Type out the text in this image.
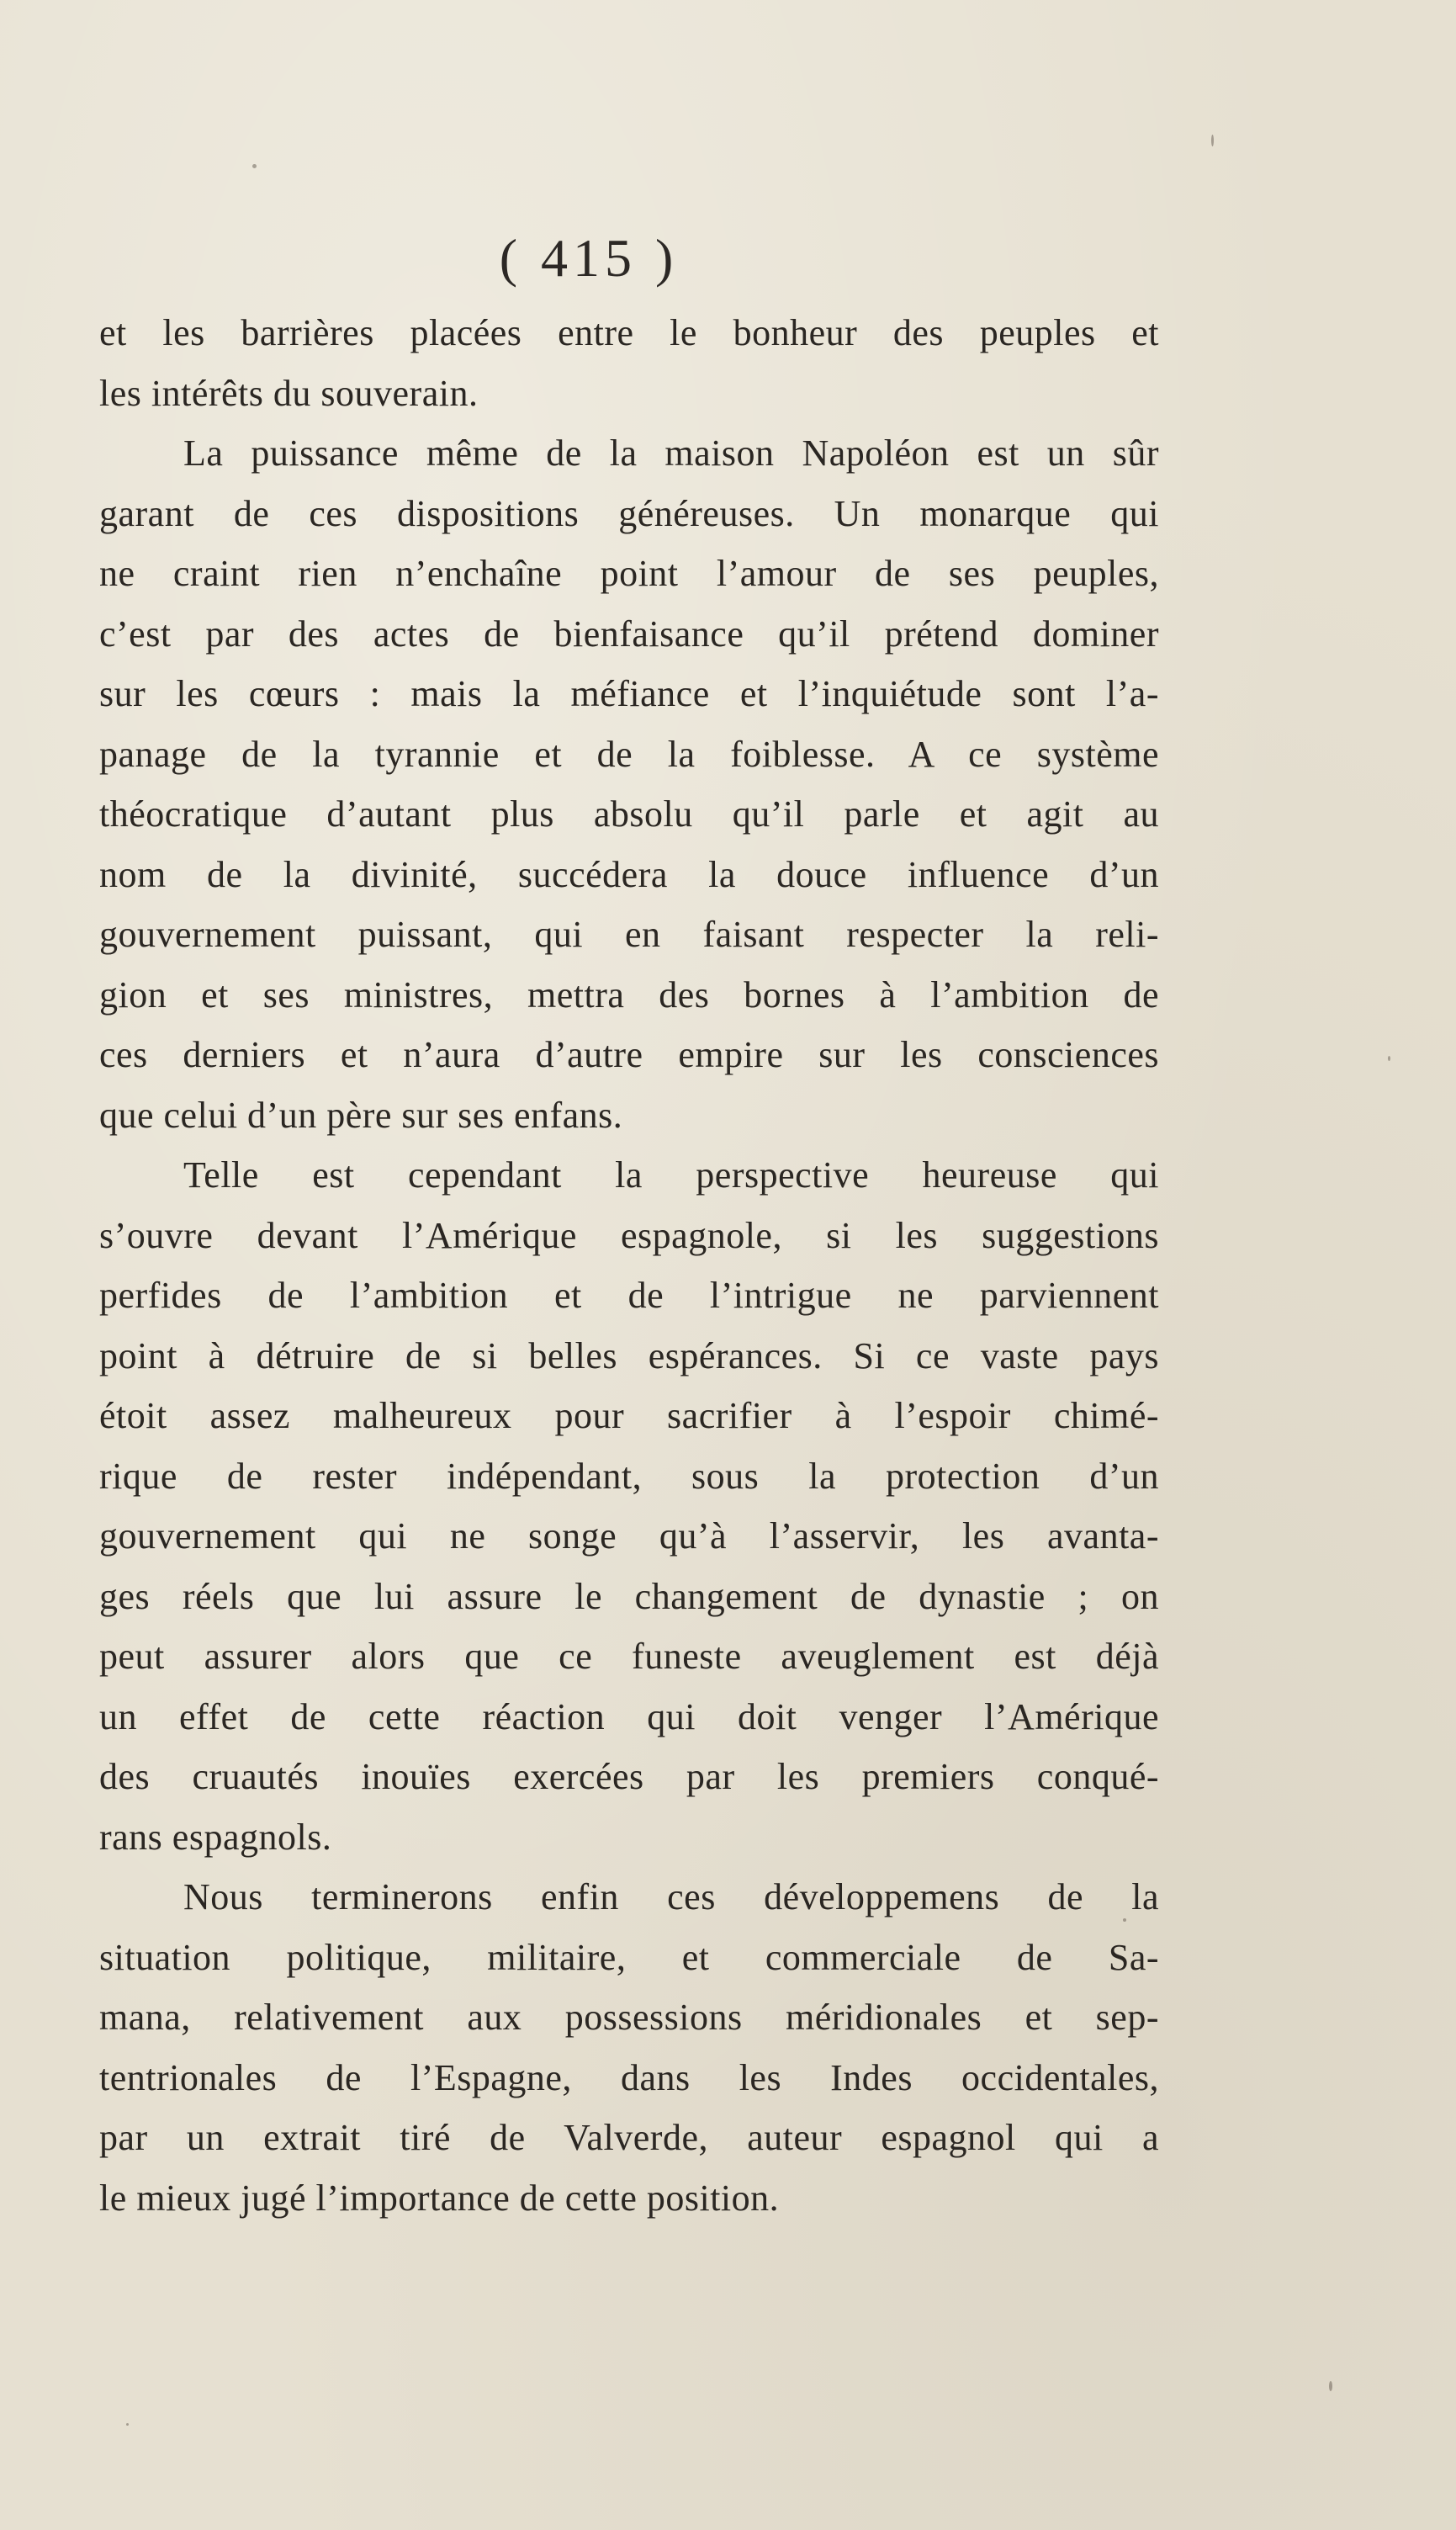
( 415 )
et les barrières placées entre le bonheur des peuples et
les intérêts du souverain.
La puissance même de la maison Napoléon est un sûr
garant de ces dispositions généreuses. Un monarque qui
ne craint rien n’enchaîne point l’amour de ses peuples,
c’est par des actes de bienfaisance qu’il prétend dominer
sur les cœurs : mais la méfiance et l’inquiétude sont l’a-
panage de la tyrannie et de la foiblesse. A ce système
théocratique d’autant plus absolu qu’il parle et agit au
nom de la divinité, succédera la douce influence d’un
gouvernement puissant, qui en faisant respecter la reli-
gion et ses ministres, mettra des bornes à l’ambition de
ces derniers et n’aura d’autre empire sur les consciences
que celui d’un père sur ses enfans.
Telle est cependant la perspective heureuse qui
s’ouvre devant l’Amérique espagnole, si les suggestions
perfides de l’ambition et de l’intrigue ne parviennent
point à détruire de si belles espérances. Si ce vaste pays
étoit assez malheureux pour sacrifier à l’espoir chimé-
rique de rester indépendant, sous la protection d’un
gouvernement qui ne songe qu’à l’asservir, les avanta-
ges réels que lui assure le changement de dynastie ; on
peut assurer alors que ce funeste aveuglement est déjà
un effet de cette réaction qui doit venger l’Amérique
des cruautés inouïes exercées par les premiers conqué-
rans espagnols.
Nous terminerons enfin ces développemens de la
situation politique, militaire, et commerciale de Sa-
mana, relativement aux possessions méridionales et sep-
tentrionales de l’Espagne, dans les Indes occidentales,
par un extrait tiré de Valverde, auteur espagnol qui a
le mieux jugé l’importance de cette position.
